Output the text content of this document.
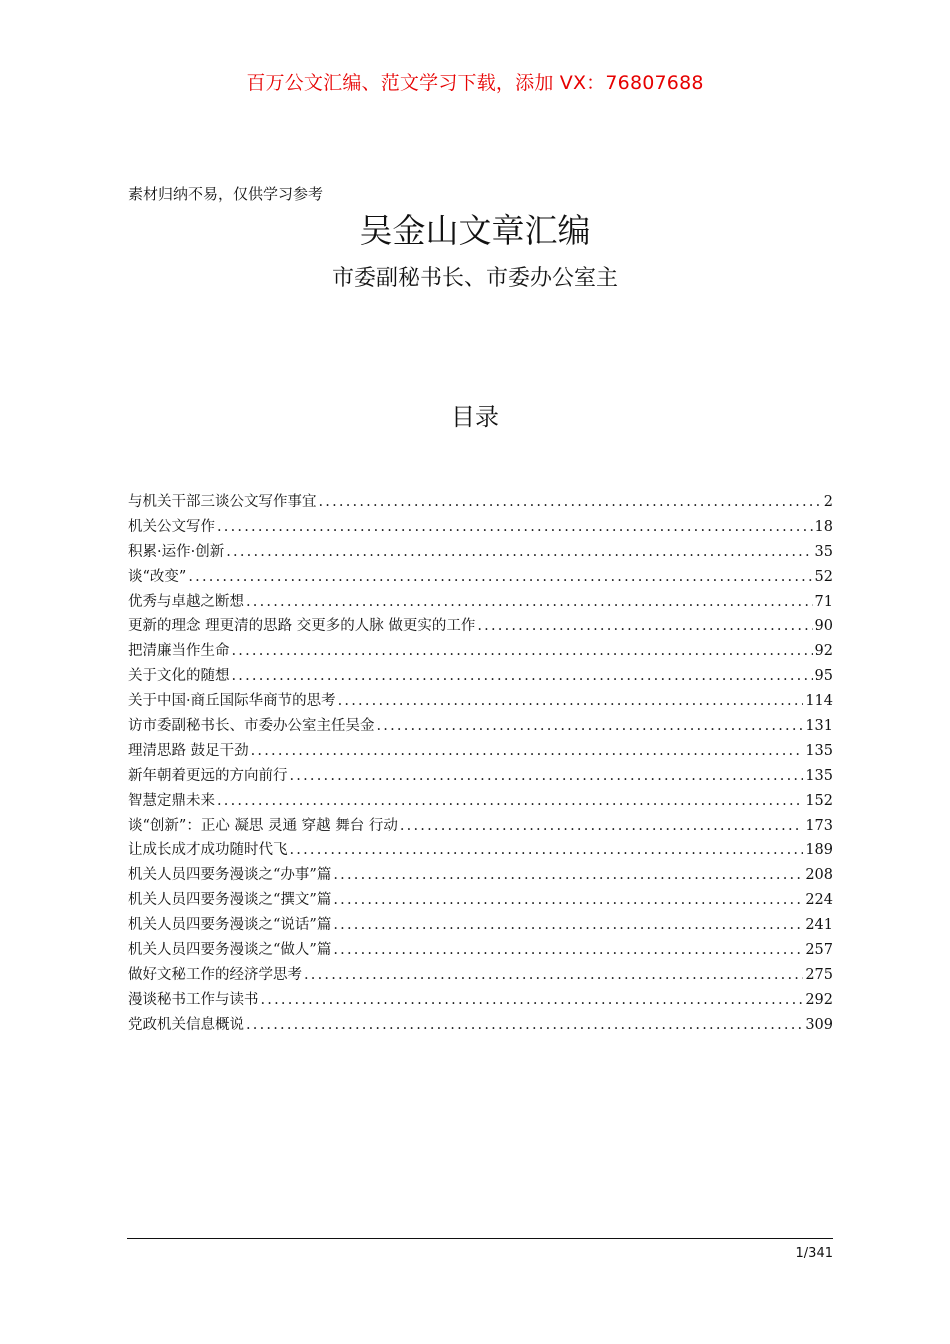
百万公文汇编、范文学习下载，添加 VX：76807688
素材归纳不易，仅供学习参考
吴金山文章汇编
市委副秘书长、市委办公室主
目录
与机关干部三谈公文写作事宜 .....	2
机关公文写作 .....	18
积累·运作·创新 .....	35
谈“改变” .....	52
优秀与卓越之断想 .....	71
更新的理念 理更清的思路 交更多的人脉 做更实的工作 .....	90
把清廉当作生命 .....	92
关于文化的随想 .....	95
关于中国·商丘国际华商节的思考 .....	114
访市委副秘书长、市委办公室主任吴金 .....	131
理清思路 鼓足干劲 .....	135
新年朝着更远的方向前行 .....	135
智慧定鼎未来 .....	152
谈“创新”：正心 凝思 灵通 穿越 舞台 行动 .....	173
让成长成才成功随时代飞 .....	189
机关人员四要务漫谈之“办事”篇 .....	208
机关人员四要务漫谈之“撰文”篇 .....	224
机关人员四要务漫谈之“说话”篇 .....	241
机关人员四要务漫谈之“做人”篇 .....	257
做好文秘工作的经济学思考 .....	275
漫谈秘书工作与读书 .....	292
党政机关信息概说 .....	309
1/341
